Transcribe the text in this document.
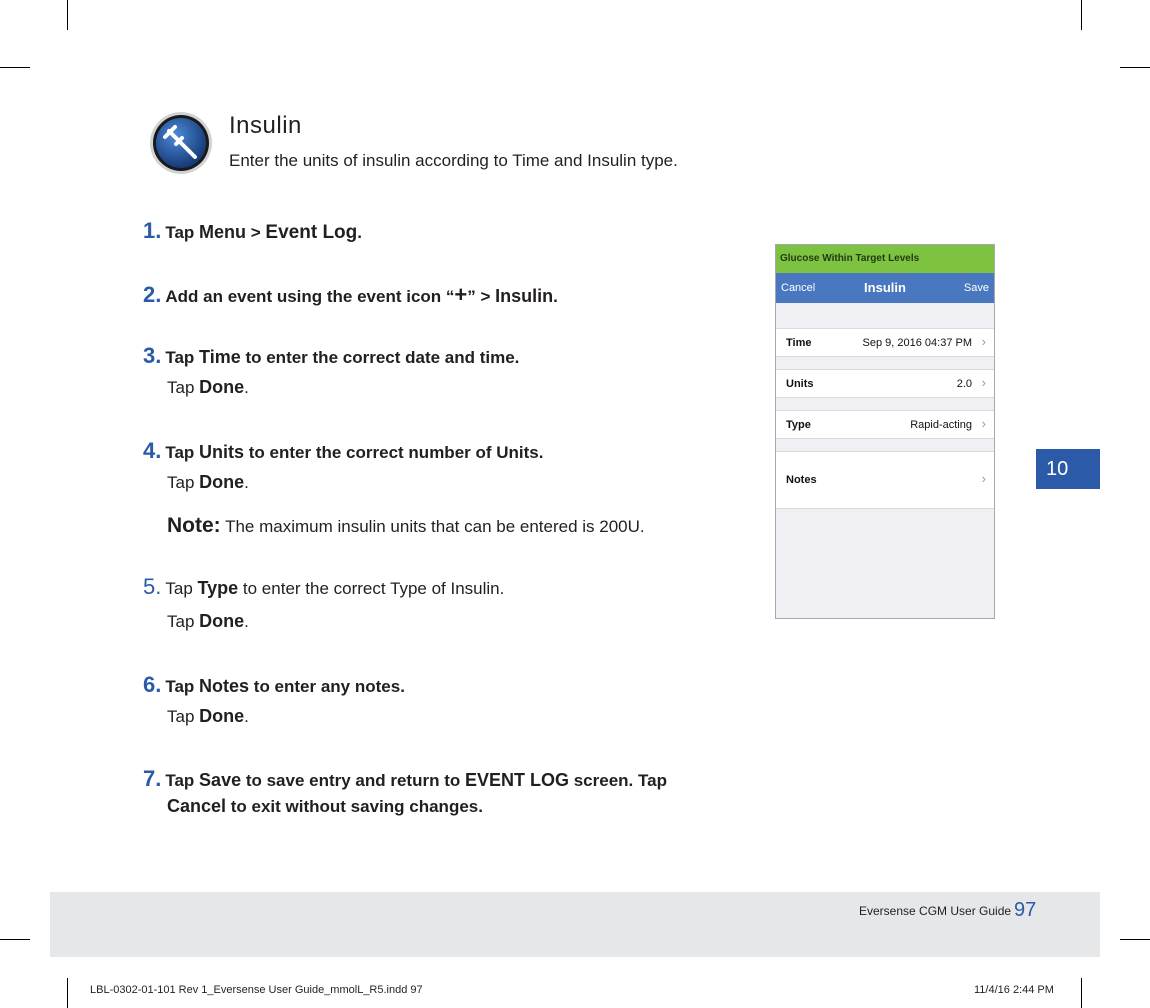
Insulin
Enter the units of insulin according to Time and Insulin type.
1. Tap Menu > Event Log.
2. Add an event using the event icon “+” > Insulin.
3. Tap Time to enter the correct date and time.
Tap Done.
4. Tap Units to enter the correct number of Units.
Tap Done.
Note: The maximum insulin units that can be entered is 200U.
5. Tap Type to enter the correct Type of Insulin.
Tap Done.
6. Tap Notes to enter any notes.
Tap Done.
7. Tap Save to save entry and return to EVENT LOG screen. Tap
Cancel to exit without saving changes.
Glucose Within Target Levels
Cancel	Insulin	Save
Time	Sep 9, 2016 04:37 PM ›
Units	2.0 ›
Type	Rapid-acting ›
Notes	›	10
Eversense CGM User Guide 97
LBL-0302-01-101 Rev 1_Eversense User Guide_mmolL_R5.indd 97	11/4/16 2:44 PM
